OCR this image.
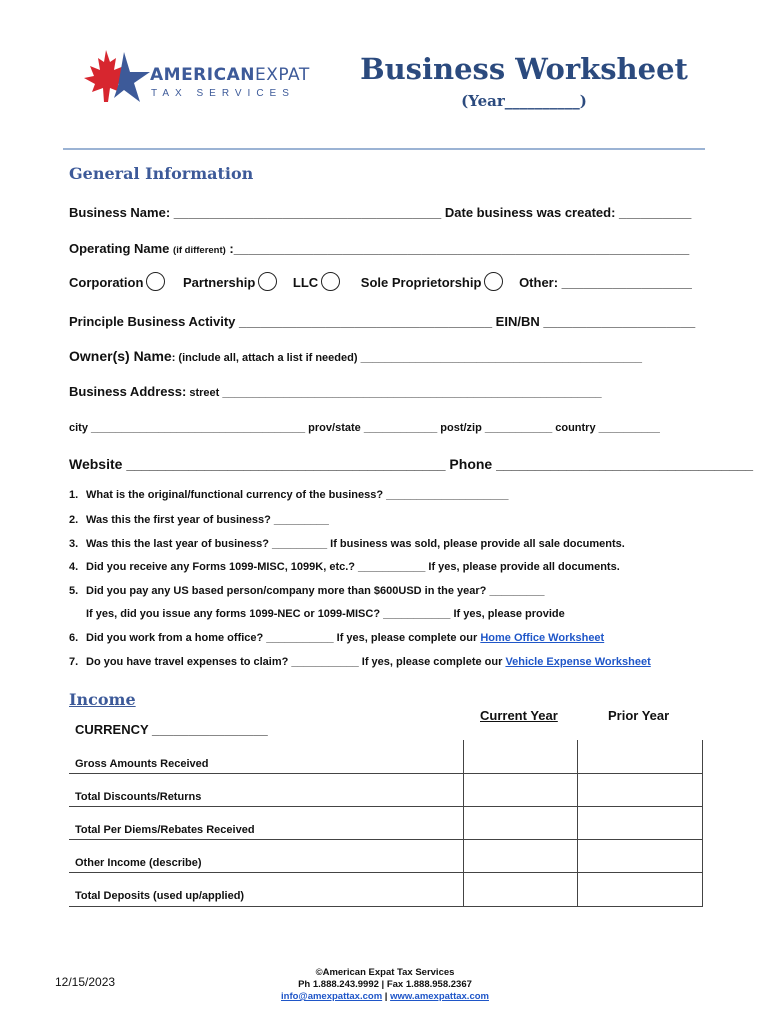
AMERICANEXPAT
TAX SERVICES
Business Worksheet
(Year__________)
General Information
Business Name: _____________________________________ Date business was created: __________
Operating Name (if different) :_______________________________________________________________
Corporation	Partnership	LLC	Sole Proprietorship	Other: __________________
Principle Business Activity ___________________________________ EIN/BN _____________________
Owner(s) Name: (include all, attach a list if needed) ______________________________________________
Business Address: street ______________________________________________________________
city ___________________________________ prov/state ____________ post/zip ___________ country __________
Website _________________________________________ Phone _________________________________
1. What is the original/functional currency of the business? ____________________
2. Was this the first year of business? _________
3. Was this the last year of business? _________ If business was sold, please provide all sale documents.
4. Did you receive any Forms 1099-MISC, 1099K, etc.? ___________ If yes, please provide all documents.
5. Did you pay any US based person/company more than $600USD in the year? _________
If yes, did you issue any forms 1099-NEC or 1099-MISC? ___________ If yes, please provide
6. Did you work from a home office? ___________ If yes, please complete our Home Office Worksheet
7. Do you have travel expenses to claim? ___________ If yes, please complete our Vehicle Expense Worksheet
Income
CURRENCY ________________
Current Year	Prior Year
Gross Amounts Received
Total Discounts/Returns
Total Per Diems/Rebates Received
Other Income (describe)
Total Deposits (used up/applied)
12/15/2023
©American Expat Tax Services
Ph 1.888.243.9992 | Fax 1.888.958.2367
info@amexpattax.com | www.amexpattax.com
